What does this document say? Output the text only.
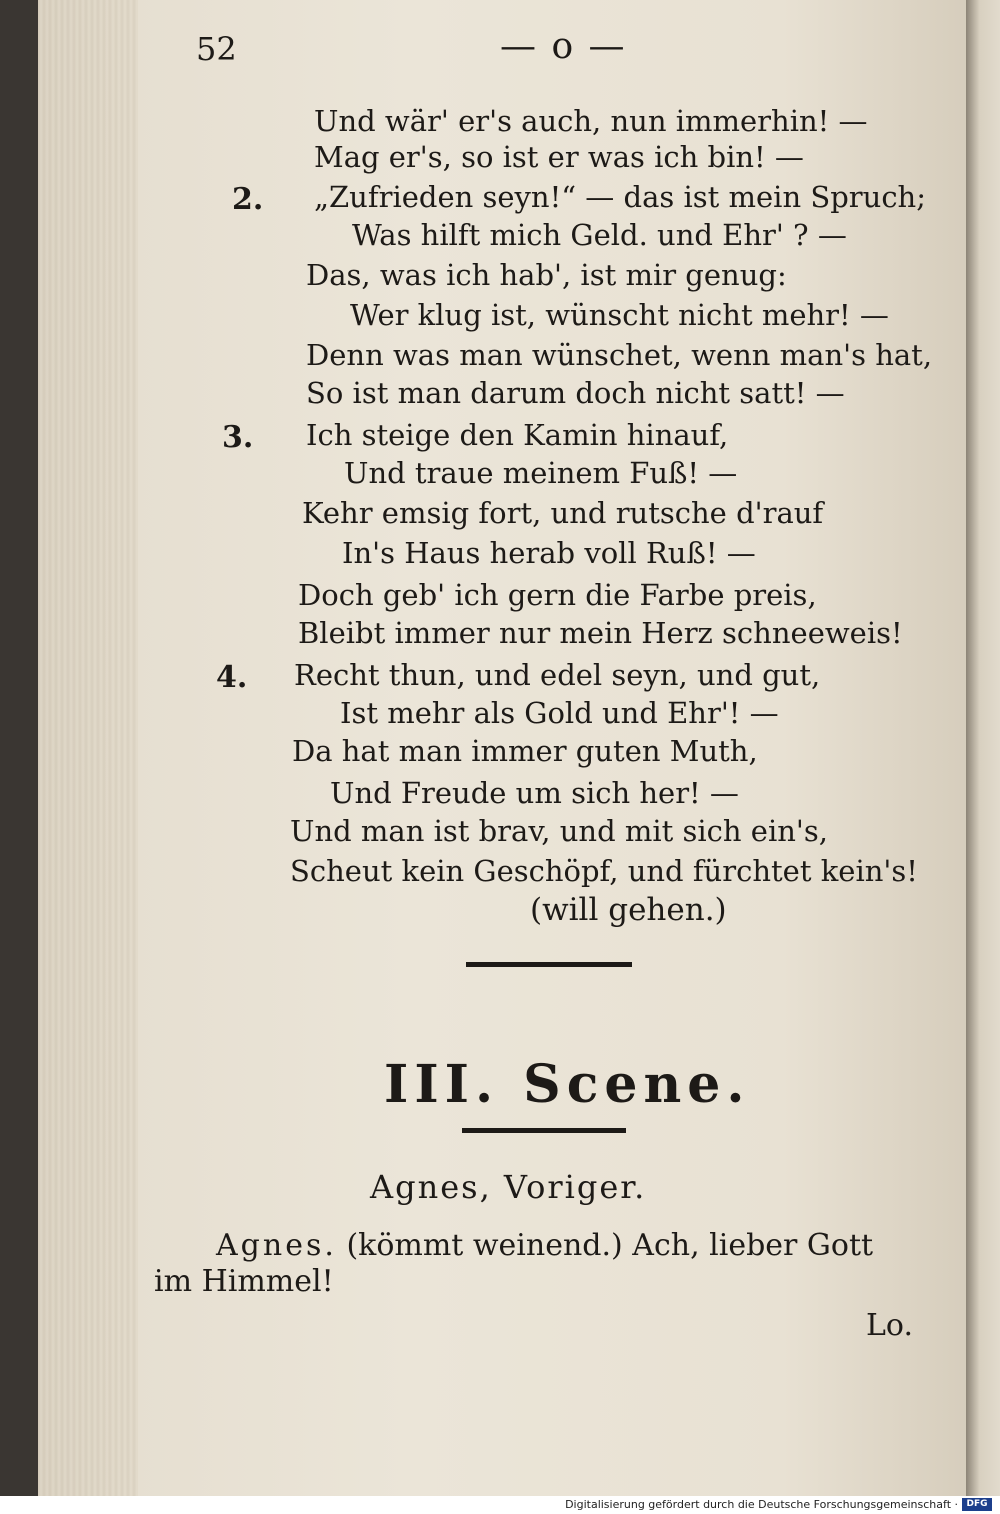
52	— o —
Und wär' er's auch, nun immerhin! —
Mag er's, so ist er was ich bin! —
2. „Zufrieden seyn!“ — das ist mein Spruch;
Was hilft mich Geld. und Ehr' ? —
Das, was ich hab', ist mir genug:
Wer klug ist, wünscht nicht mehr! —
Denn was man wünschet, wenn man's hat,
So ist man darum doch nicht satt! —
3. Ich steige den Kamin hinauf,
Und traue meinem Fuß! —
Kehr emsig fort, und rutsche d'rauf
In's Haus herab voll Ruß! —
Doch geb' ich gern die Farbe preis,
Bleibt immer nur mein Herz schneeweis!
4. Recht thun, und edel seyn, und gut,
Ist mehr als Gold und Ehr'! —
Da hat man immer guten Muth,
Und Freude um sich her! —
Und man ist brav, und mit sich ein's,
Scheut kein Geschöpf, und fürchtet kein's!
(will gehen.)
III. Scene.
Agnes, Voriger.
Agnes. (kömmt weinend.) Ach, lieber Gott
im Himmel!
Lo.
Digitalisierung gefördert durch die Deutsche Forschungsgemeinschaft · DFG
